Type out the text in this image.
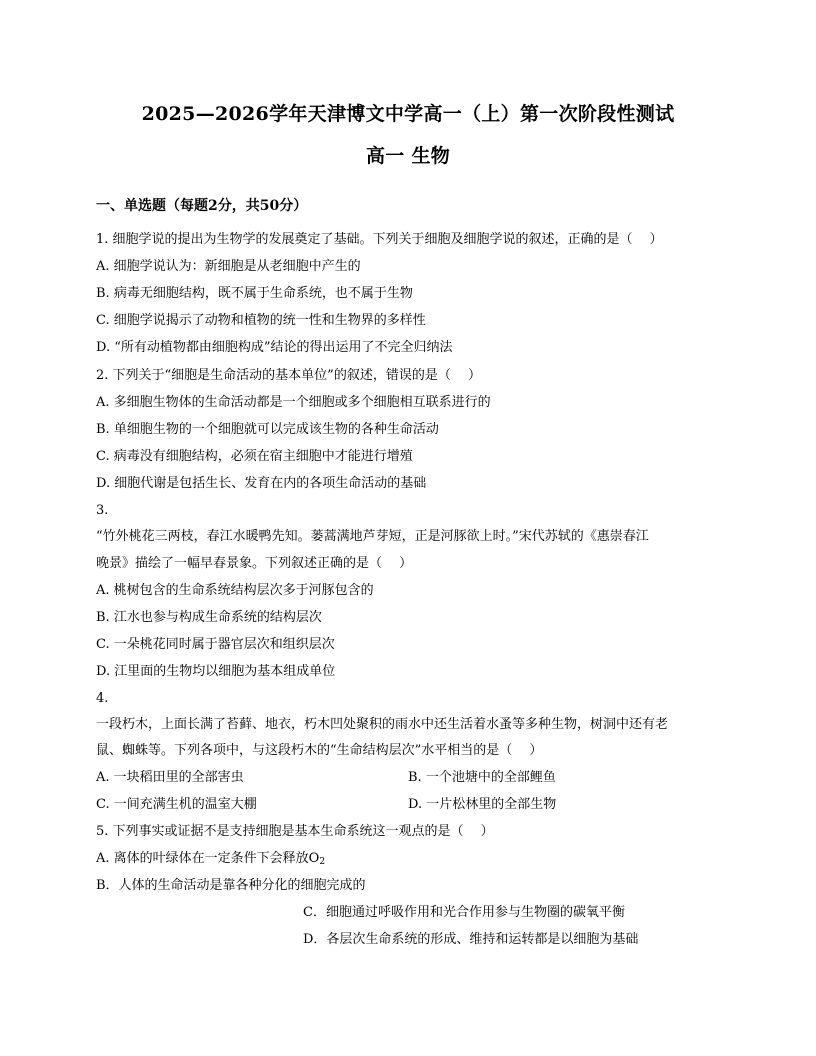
2025—2026学年天津博文中学高一（上）第一次阶段性测试
高一 生物
一、单选题（每题2分，共50分）
1. 细胞学说的提出为生物学的发展奠定了基础。下列关于细胞及细胞学说的叙述，正确的是（　 ）
A. 细胞学说认为：新细胞是从老细胞中产生的
B. 病毒无细胞结构，既不属于生命系统，也不属于生物
C. 细胞学说揭示了动物和植物的统一性和生物界的多样性
D. “所有动植物都由细胞构成”结论的得出运用了不完全归纳法
2. 下列关于“细胞是生命活动的基本单位”的叙述，错误的是（　 ）
A. 多细胞生物体的生命活动都是一个细胞或多个细胞相互联系进行的
B. 单细胞生物的一个细胞就可以完成该生物的各种生命活动
C. 病毒没有细胞结构，必须在宿主细胞中才能进行增殖
D. 细胞代谢是包括生长、发育在内的各项生命活动的基础
3.
“竹外桃花三两枝，春江水暖鸭先知。蒌蒿满地芦芽短，正是河豚欲上时。”宋代苏轼的《惠崇春江
晚景》描绘了一幅早春景象。下列叙述正确的是（　 ）
A. 桃树包含的生命系统结构层次多于河豚包含的
B. 江水也参与构成生命系统的结构层次
C. 一朵桃花同时属于器官层次和组织层次
D. 江里面的生物均以细胞为基本组成单位
4.
一段朽木，上面长满了苔藓、地衣，朽木凹处聚积的雨水中还生活着水蚤等多种生物，树洞中还有老
鼠、蜘蛛等。下列各项中，与这段朽木的“生命结构层次”水平相当的是（　 ）
A. 一块稻田里的全部害虫	B. 一个池塘中的全部鲤鱼
C. 一间充满生机的温室大棚	D. 一片松林里的全部生物
5. 下列事实或证据不是支持细胞是基本生命系统这一观点的是（　 ）
A. 离体的叶绿体在一定条件下会释放$O_2$
B．人体的生命活动是靠各种分化的细胞完成的
C．细胞通过呼吸作用和光合作用参与生物圈的碳氧平衡
D．各层次生命系统的形成、维持和运转都是以细胞为基础
